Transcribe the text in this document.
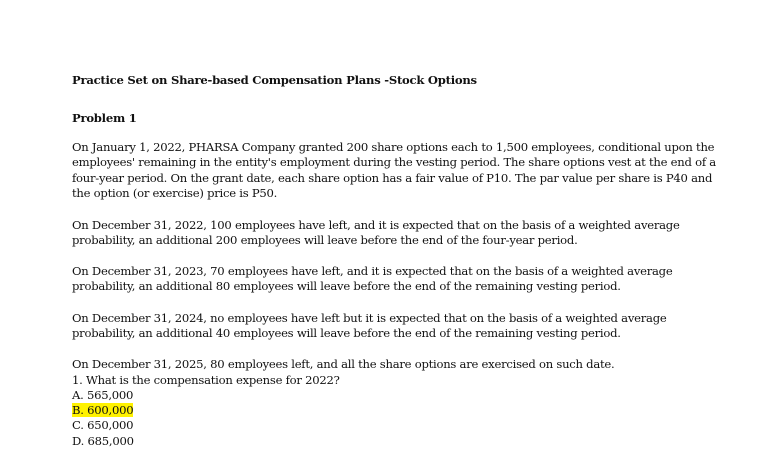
Practice Set on Share-based Compensation Plans -Stock Options

Problem 1

On January 1, 2022, PHARSA Company granted 200 share options each to 1,500 employees, conditional upon the employees' remaining in the entity's employment during the vesting period. The share options vest at the end of a four-year period. On the grant date, each share option has a fair value of P10. The par value per share is P40 and the option (or exercise) price is P50.

On December 31, 2022, 100 employees have left, and it is expected that on the basis of a weighted average probability, an additional 200 employees will leave before the end of the four-year period.

On December 31, 2023, 70 employees have left, and it is expected that on the basis of a weighted average probability, an additional 80 employees will leave before the end of the remaining vesting period.

On December 31, 2024, no employees have left but it is expected that on the basis of a weighted average probability, an additional 40 employees will leave before the end of the remaining vesting period.

On December 31, 2025, 80 employees left, and all the share options are exercised on such date.

1. What is the compensation expense for 2022?
A. 565,000
B. 600,000
C. 650,000
D. 685,000
